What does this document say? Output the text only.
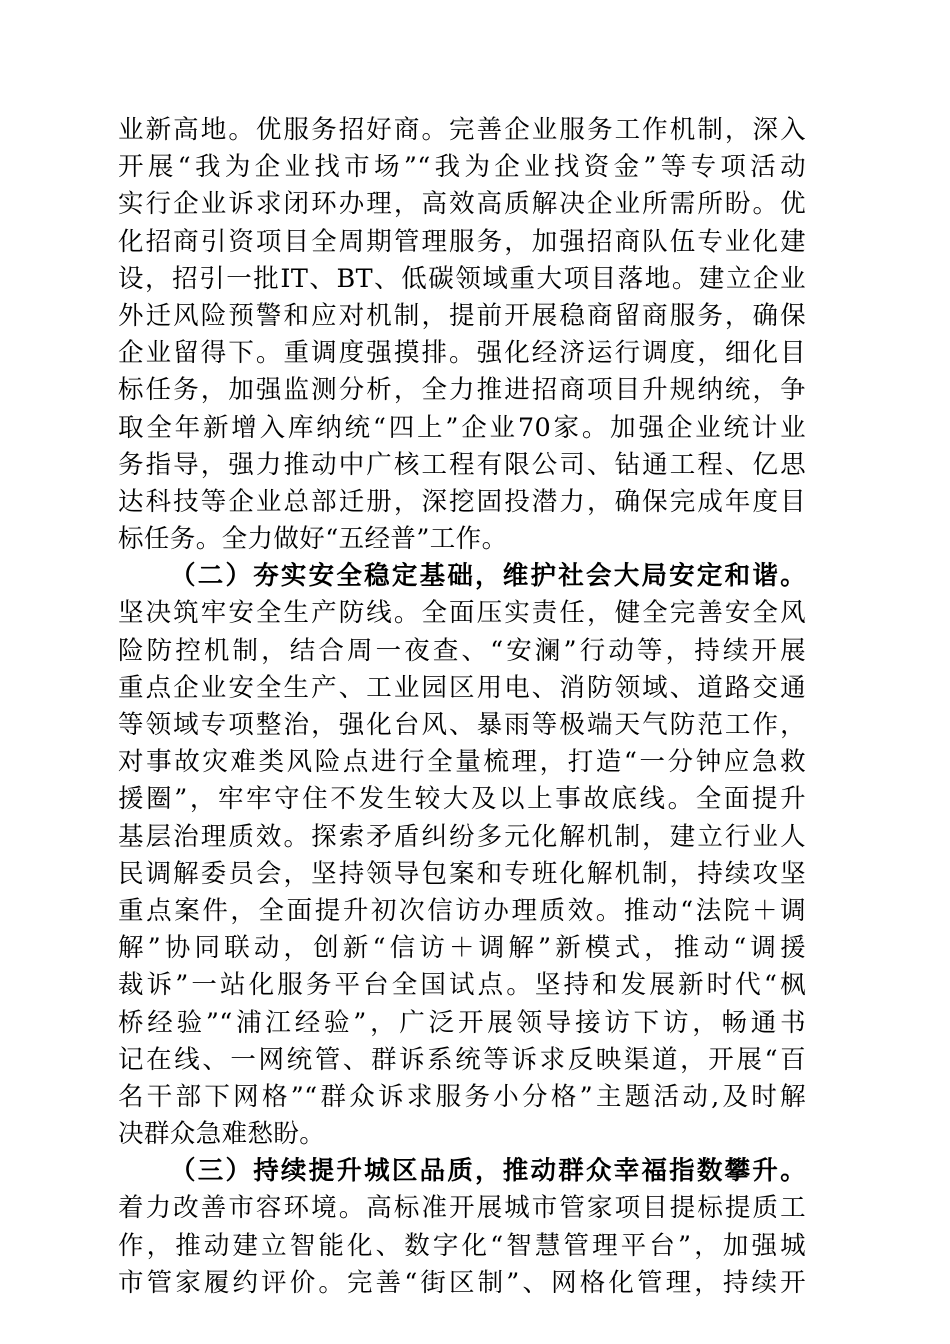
业新高地。优服务招好商。完善企业服务工作机制，深入
开展“我为企业找市场”“我为企业找资金”等专项活动
实行企业诉求闭环办理，高效高质解决企业所需所盼。优
化招商引资项目全周期管理服务，加强招商队伍专业化建
设，招引一批IT、BT、低碳领域重大项目落地。建立企业
外迁风险预警和应对机制，提前开展稳商留商服务，确保
企业留得下。重调度强摸排。强化经济运行调度，细化目
标任务，加强监测分析，全力推进招商项目升规纳统，争
取全年新增入库纳统“四上”企业70家。加强企业统计业
务指导，强力推动中广核工程有限公司、钻通工程、亿思
达科技等企业总部迁册，深挖固投潜力，确保完成年度目
标任务。全力做好“五经普”工作。
（二）夯实安全稳定基础，维护社会大局安定和谐。
坚决筑牢安全生产防线。全面压实责任，健全完善安全风
险防控机制，结合周一夜查、“安澜”行动等，持续开展
重点企业安全生产、工业园区用电、消防领域、道路交通
等领域专项整治，强化台风、暴雨等极端天气防范工作，
对事故灾难类风险点进行全量梳理，打造“一分钟应急救
援圈”，牢牢守住不发生较大及以上事故底线。全面提升
基层治理质效。探索矛盾纠纷多元化解机制，建立行业人
民调解委员会，坚持领导包案和专班化解机制，持续攻坚
重点案件，全面提升初次信访办理质效。推动“法院＋调
解”协同联动，创新“信访＋调解”新模式，推动“调援
裁诉”一站化服务平台全国试点。坚持和发展新时代“枫
桥经验”“浦江经验”，广泛开展领导接访下访，畅通书
记在线、一网统管、群诉系统等诉求反映渠道，开展“百
名干部下网格”“群众诉求服务小分格”主题活动,及时解
决群众急难愁盼。
（三）持续提升城区品质，推动群众幸福指数攀升。
着力改善市容环境。高标准开展城市管家项目提标提质工
作，推动建立智能化、数字化“智慧管理平台”，加强城
市管家履约评价。完善“街区制”、网格化管理，持续开
